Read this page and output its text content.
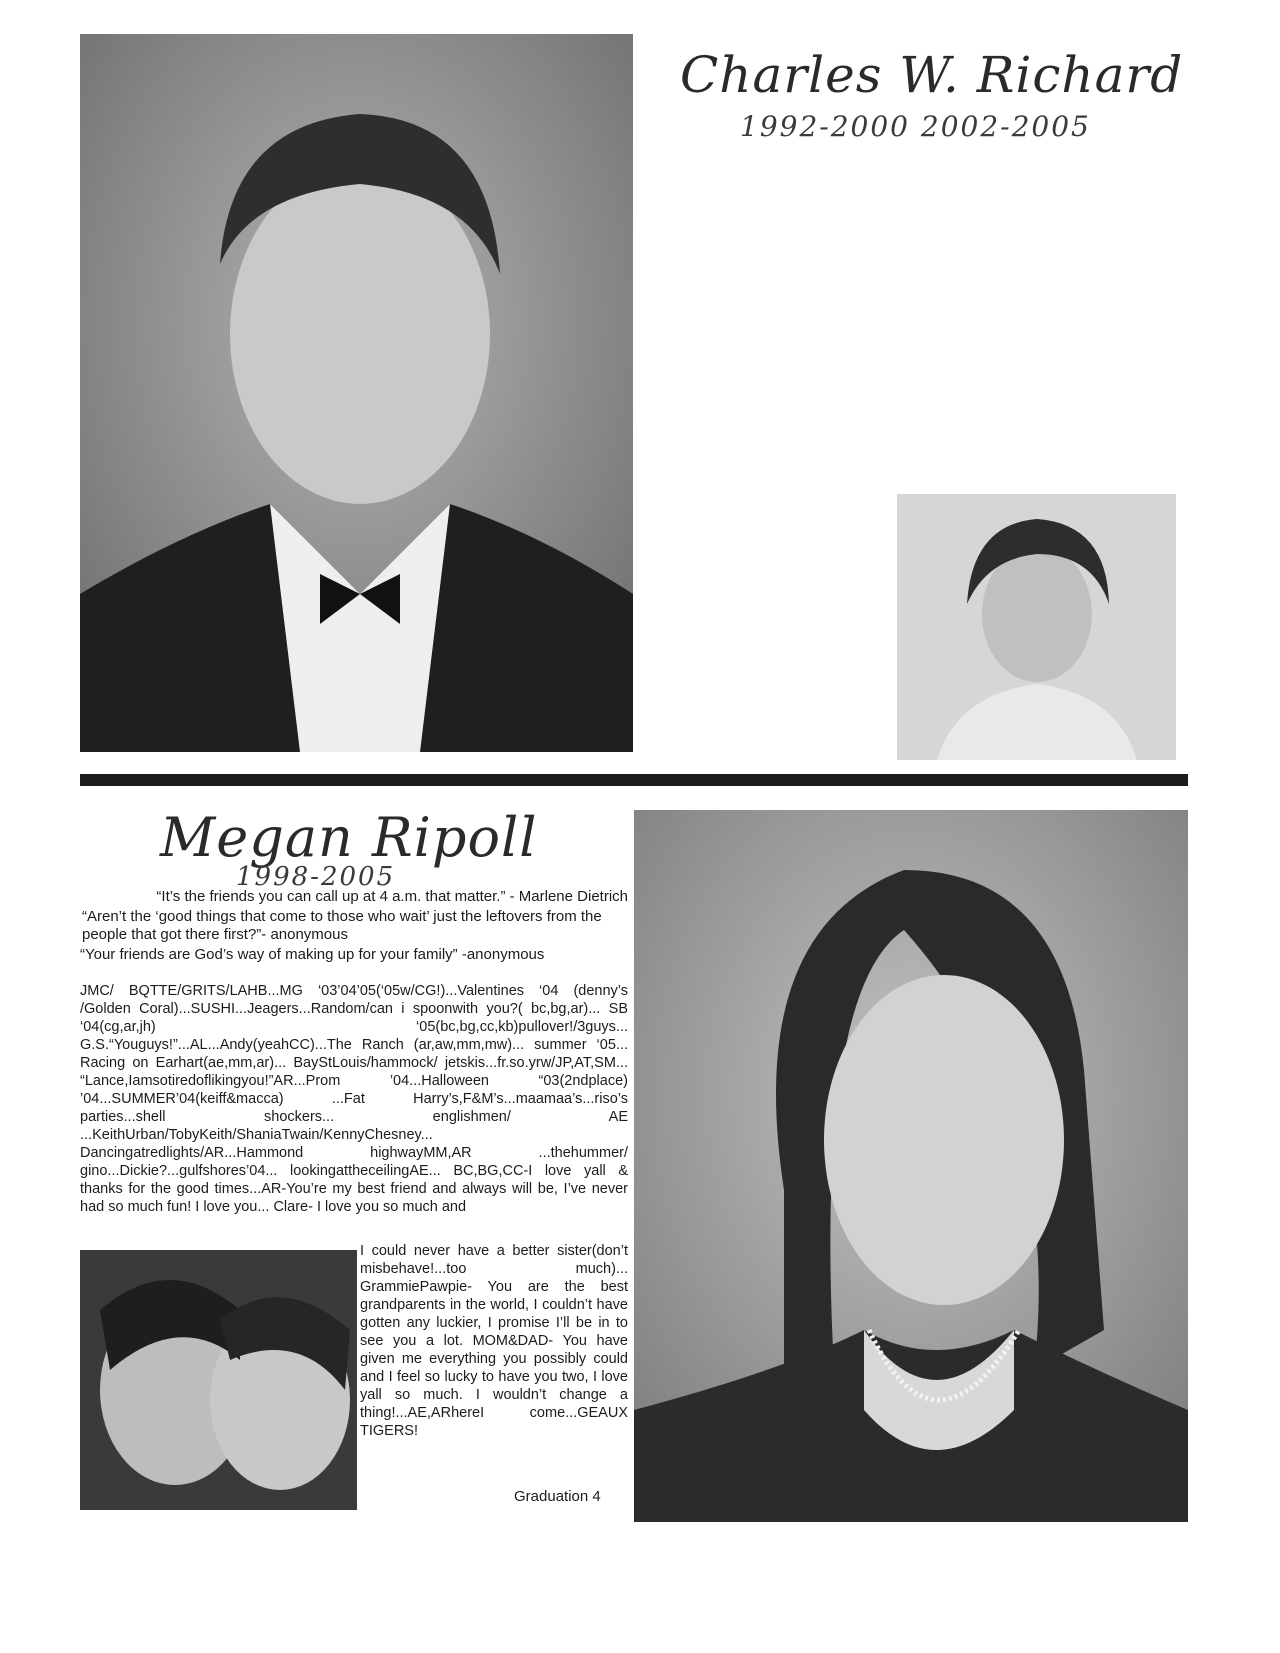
Charles W. Richard
1992-2000 2002-2005
Megan Ripoll
1998-2005

“It’s the friends you can call up at 4 a.m. that matter.” - Marlene Dietrich

“Aren’t the ‘good things that come to those who wait’ just the leftovers from the people that got there first?”- anonymous

“Your friends are God’s way of making up for your family” -anonymous

JMC/ BQTTE/GRITS/LAHB...MG ‘03’04’05(‘05w/CG!)...Valentines ‘04 (denny’s /Golden Coral)...SUSHI...Jeagers...Random/can i spoonwith you?( bc,bg,ar)... SB ‘04(cg,ar,jh) ‘05(bc,bg,cc,kb)pullover!/3guys... G.S.“Youguys!”...AL...Andy(yeahCC)...The Ranch (ar,aw,mm,mw)... summer ‘05... Racing on Earhart(ae,mm,ar)... BayStLouis/hammock/ jetskis...fr.so.yrw/JP,AT,SM... “Lance,Iamsotiredoflikingyou!”AR...Prom ’04...Halloween “03(2ndplace) ’04...SUMMER’04(keiff&macca) ...Fat Harry’s,F&M’s...maamaa’s...riso’s parties...shell shockers... englishmen/ AE ...KeithUrban/TobyKeith/ShaniaTwain/KennyChesney... Dancingatredlights/AR...Hammond highwayMM,AR ...thehummer/ gino...Dickie?...gulfshores’04... lookingattheceilingAE... BC,BG,CC-I love yall & thanks for the good times...AR-You’re my best friend and always will be, I’ve never had so much fun! I love you... Clare- I love you so much and
I could never have a better sister(don’t misbehave!...too much)... GrammiePawpie- You are the best grandparents in the world, I couldn’t have gotten any luckier, I promise I’ll be in to see you a lot. MOM&DAD- You have given me everything you possibly could and I feel so lucky to have you two, I love yall so much. I wouldn’t change a thing!...AE,ARhereI come...GEAUX TIGERS!
Graduation 4
